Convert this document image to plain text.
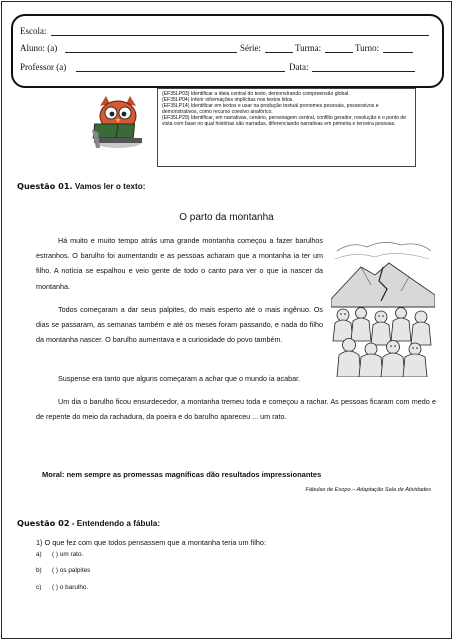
Escola:
Aluno: (a)	Série:	Turma:	Turno:
Professor (a)	Data:
(EF35LP03) Identificar a ideia central do texto, demonstrando compreensão global.
(EF35LP04) Inferir informações implícitas nos textos lidos.
(EF35LP14) Identificar em textos e usar na produção textual pronomes pessoais, possessivos e demonstrativos, como recurso coesivo anafórico.
(EF35LP29) Identificar, em narrativas, cenário, personagem central, conflito gerador, resolução e o ponto de vista com base no qual histórias são narradas, diferenciando narrativas em primeira e terceira pessoas.
Questão 01. Vamos ler o texto:
O parto da montanha

Há muito e muito tempo atrás uma grande montanha começou a fazer barulhos estranhos. O barulho foi aumentando e as pessoas acharam que a montanha ia ter um filho. A notícia se espalhou e veio gente de todo o canto para ver o que ia nascer da montanha.

Todos começaram a dar seus palpites, do mais esperto até o mais ingênuo. Os dias se passaram, as semanas também e até os meses foram passando, e nada do filho da montanha nascer. O barulho aumentava e a curiosidade do povo também.

Suspense era tanto que alguns começaram a achar que o mundo ia acabar.

Um dia o barulho ficou ensurdecedor, a montanha tremeu toda e começou a rachar. As pessoas ficaram com medo e de repente do meio da rachadura, da poeira e do barulho apareceu ... um rato.

Moral: nem sempre as promessas magníficas dão resultados impressionantes
Fábulas de Esopo – Adaptação Sala de Atividades
Questão 02 - Entendendo a fábula:
1) O que fez com que todos pensassem que a montanha teria um filho:
a) ( ) um rato.
b) ( ) os palpites
c) ( ) o barulho.
